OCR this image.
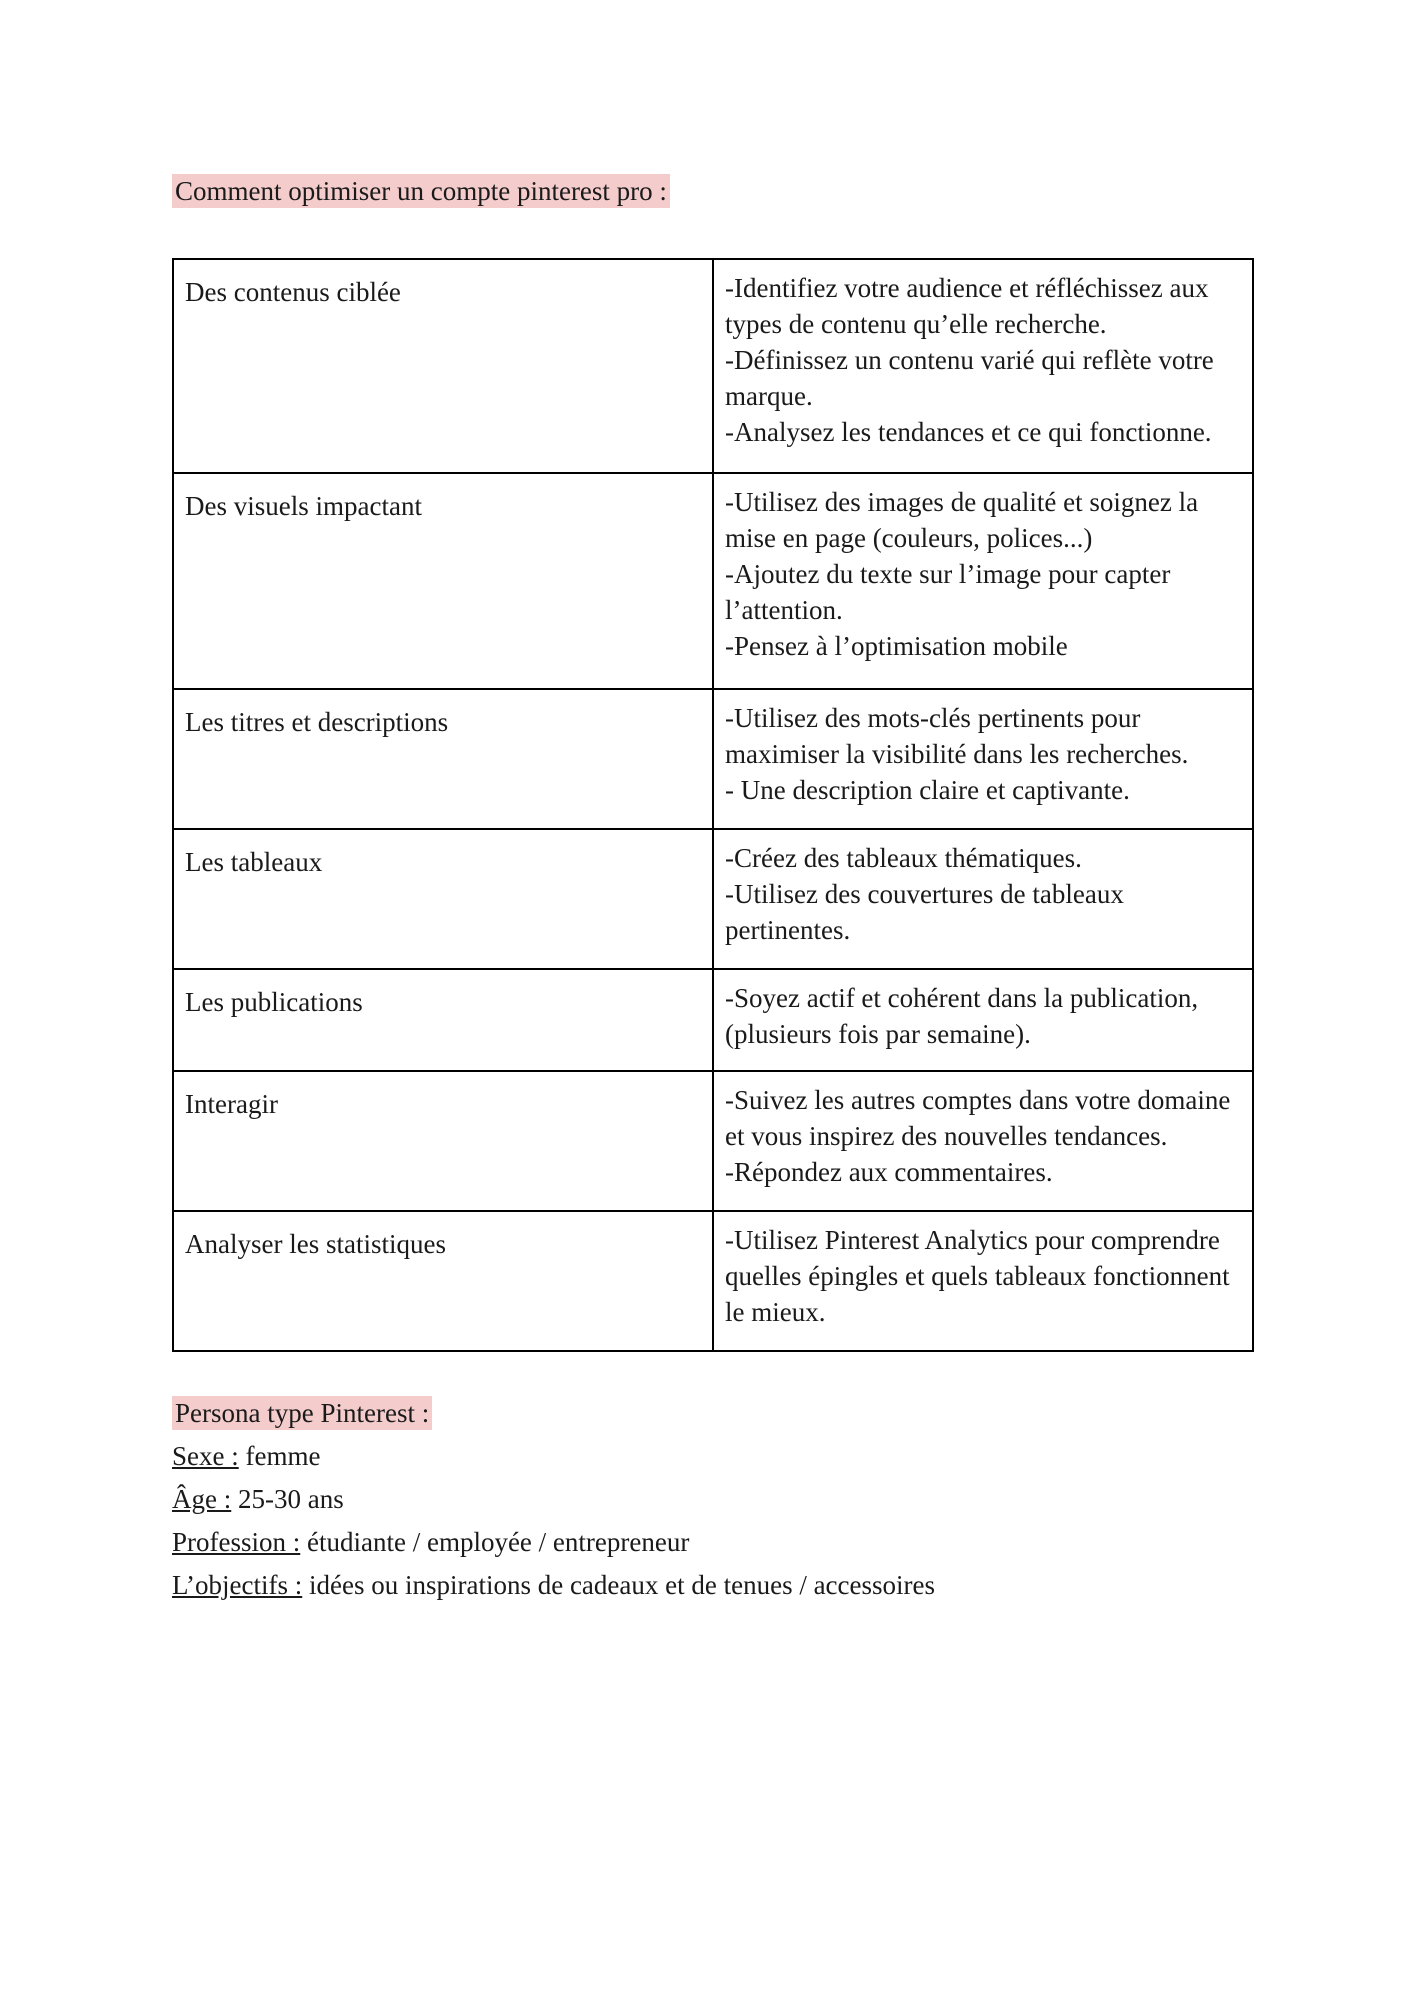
Comment optimiser un compte pinterest pro :
Des contenus ciblée	-Identifiez votre audience et réfléchissez aux types de contenu qu’elle recherche.
-Définissez un contenu varié qui reflète votre marque.
-Analysez les tendances et ce qui fonctionne.

Des visuels impactant	-Utilisez des images de qualité et soignez la mise en page (couleurs, polices...)
-Ajoutez du texte sur l’image pour capter l’attention.
-Pensez à l’optimisation mobile

Les titres et descriptions	-Utilisez des mots-clés pertinents pour maximiser la visibilité dans les recherches.
- Une description claire et captivante.

Les tableaux	-Créez des tableaux thématiques.
-Utilisez des couvertures de tableaux pertinentes.

Les publications	-Soyez actif et cohérent dans la publication, (plusieurs fois par semaine).

Interagir	-Suivez les autres comptes dans votre domaine et vous inspirez des nouvelles tendances.
-Répondez aux commentaires.

Analyser les statistiques	-Utilisez Pinterest Analytics pour comprendre quelles épingles et quels tableaux fonctionnent le mieux.
Persona type Pinterest :
Sexe : femme
Âge : 25-30 ans
Profession : étudiante / employée / entrepreneur
L’objectifs : idées ou inspirations de cadeaux et de tenues / accessoires
